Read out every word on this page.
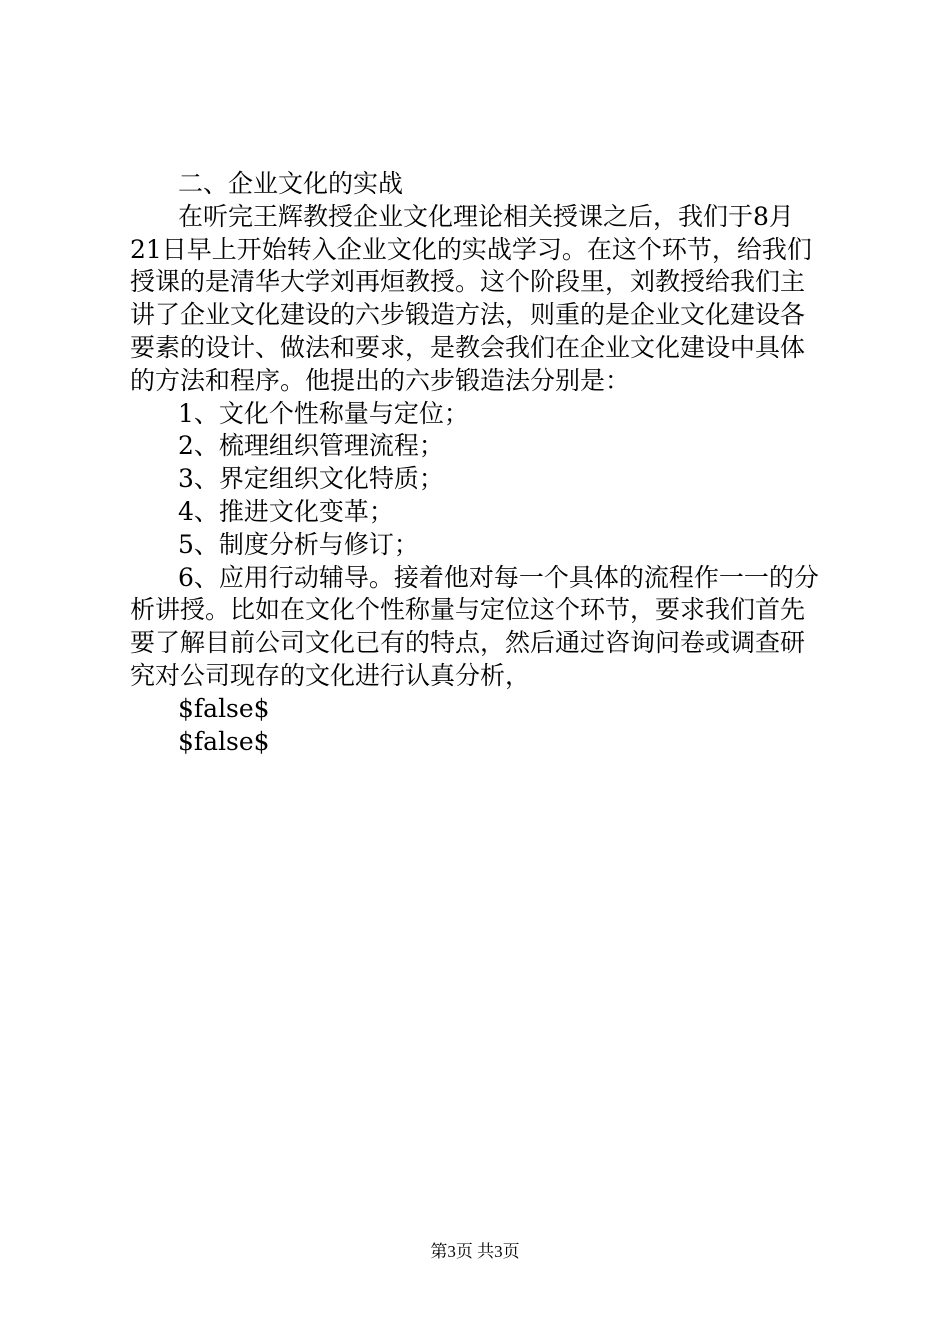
二、企业文化的实战

在听完王辉教授企业文化理论相关授课之后，我们于8月

21日早上开始转入企业文化的实战学习。在这个环节，给我们

授课的是清华大学刘再烜教授。这个阶段里，刘教授给我们主

讲了企业文化建设的六步锻造方法，则重的是企业文化建设各

要素的设计、做法和要求，是教会我们在企业文化建设中具体

的方法和程序。他提出的六步锻造法分别是：

1、文化个性称量与定位；

2、梳理组织管理流程；

3、界定组织文化特质；

4、推进文化变革；

5、制度分析与修订；

6、应用行动辅导。接着他对每一个具体的流程作一一的分

析讲授。比如在文化个性称量与定位这个环节，要求我们首先

要了解目前公司文化已有的特点，然后通过咨询问卷或调查研

究对公司现存的文化进行认真分析，

$false$

$false$

第3页 共3页
